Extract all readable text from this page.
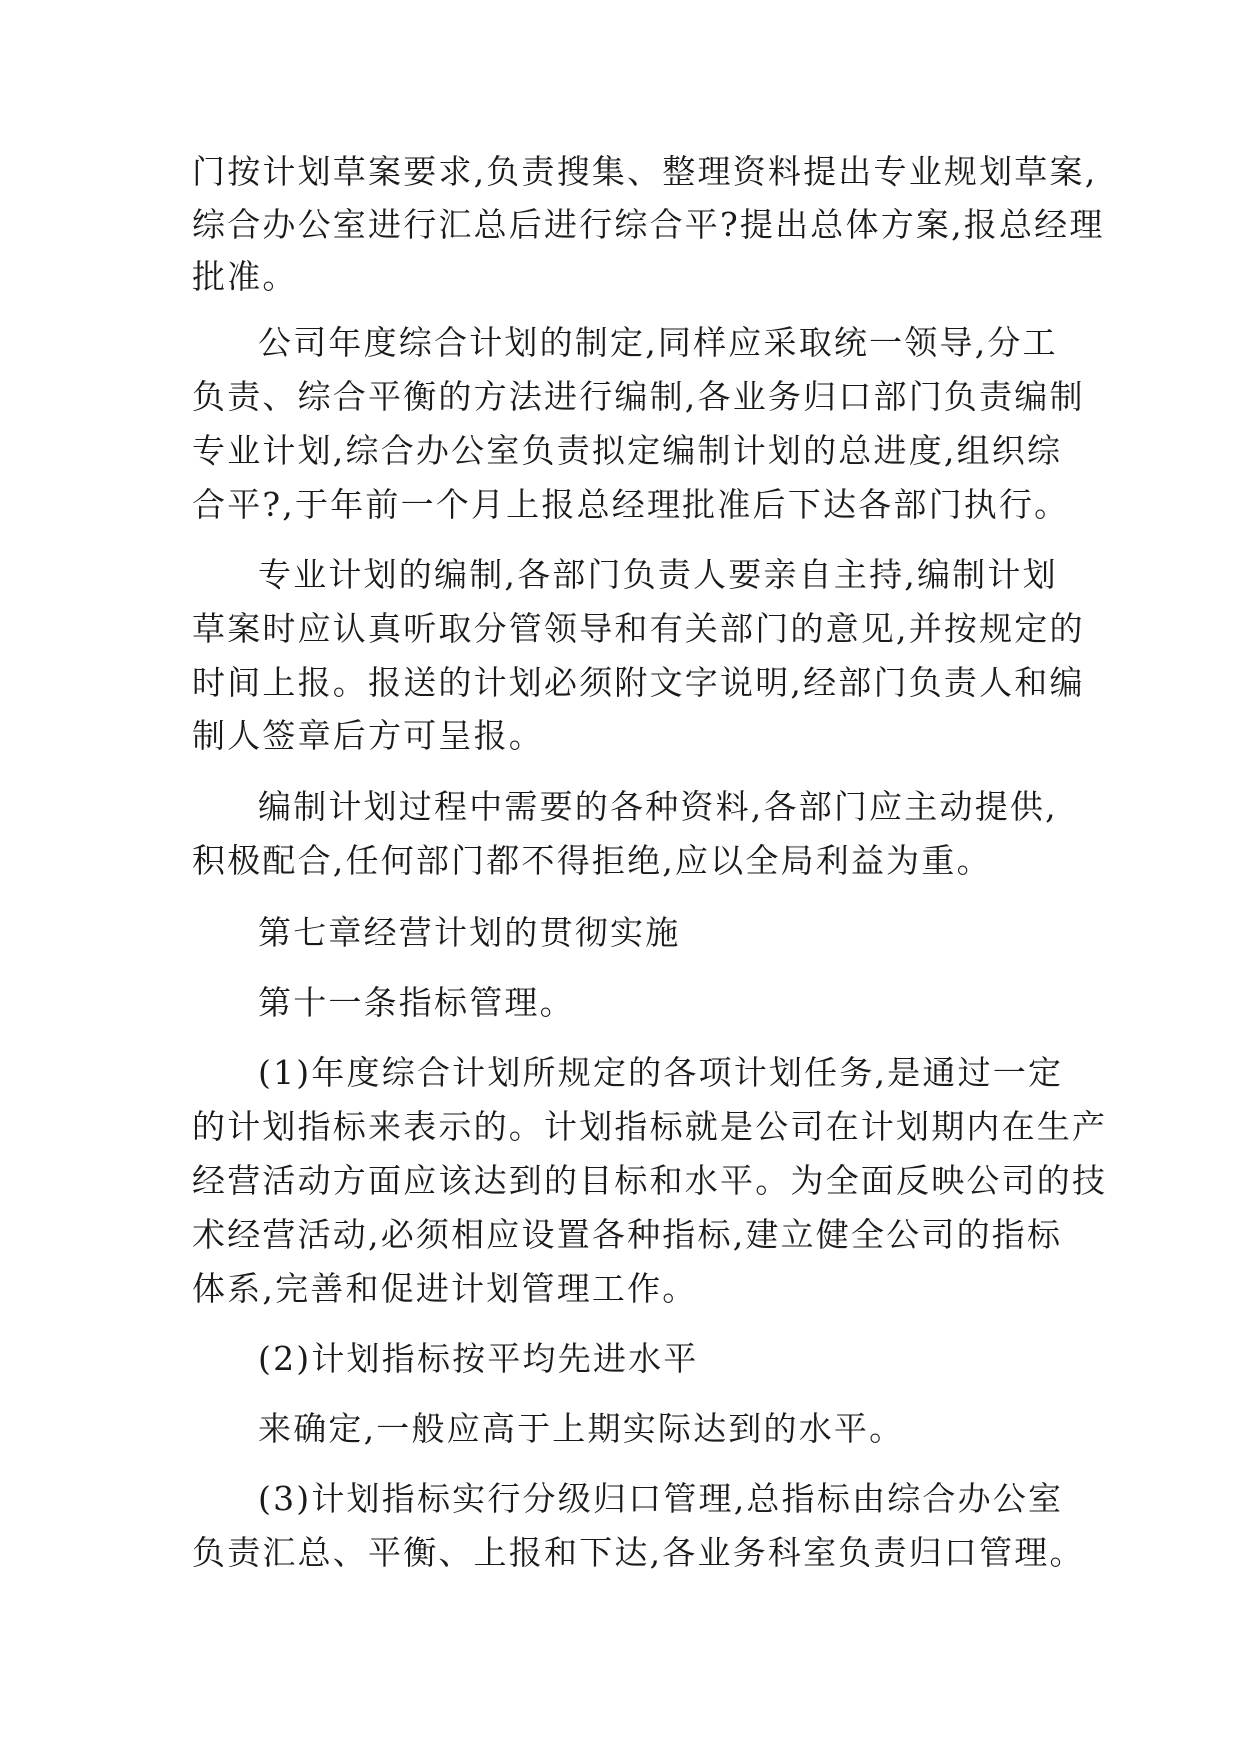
门按计划草案要求,负责搜集、整理资料提出专业规划草案,
综合办公室进行汇总后进行综合平?提出总体方案,报总经理
批准。
公司年度综合计划的制定,同样应采取统一领导,分工
负责、综合平衡的方法进行编制,各业务归口部门负责编制
专业计划,综合办公室负责拟定编制计划的总进度,组织综
合平?,于年前一个月上报总经理批准后下达各部门执行。
专业计划的编制,各部门负责人要亲自主持,编制计划
草案时应认真听取分管领导和有关部门的意见,并按规定的
时间上报。报送的计划必须附文字说明,经部门负责人和编
制人签章后方可呈报。
编制计划过程中需要的各种资料,各部门应主动提供,
积极配合,任何部门都不得拒绝,应以全局利益为重。
第七章经营计划的贯彻实施
第十一条指标管理。
(1)年度综合计划所规定的各项计划任务,是通过一定
的计划指标来表示的。计划指标就是公司在计划期内在生产
经营活动方面应该达到的目标和水平。为全面反映公司的技
术经营活动,必须相应设置各种指标,建立健全公司的指标
体系,完善和促进计划管理工作。
(2)计划指标按平均先进水平
来确定,一般应高于上期实际达到的水平。
(3)计划指标实行分级归口管理,总指标由综合办公室
负责汇总、平衡、上报和下达,各业务科室负责归口管理。
